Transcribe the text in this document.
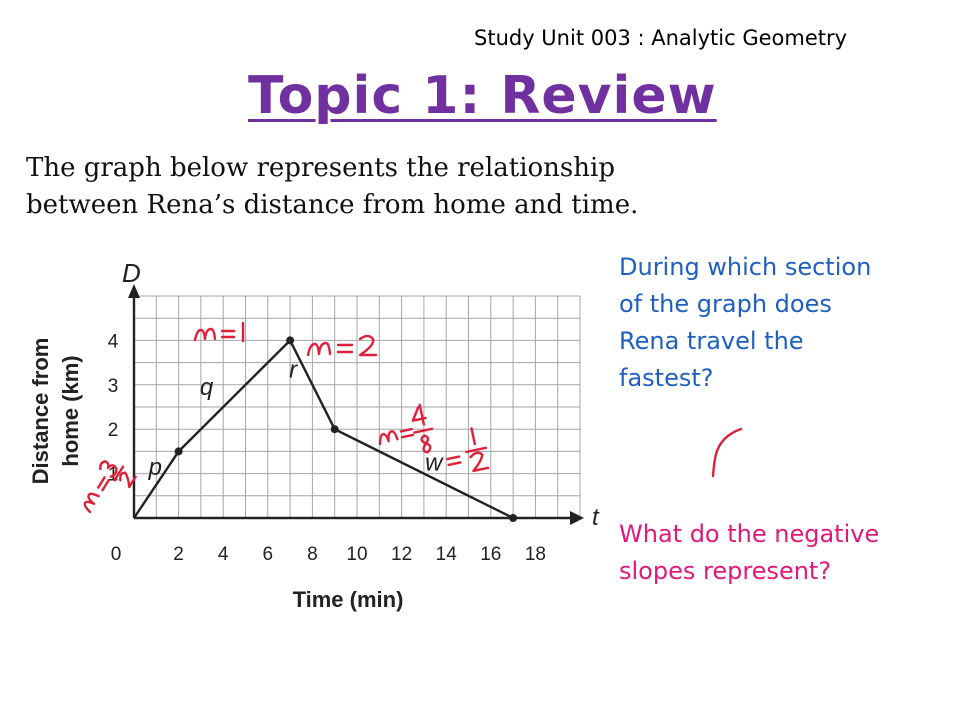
Study Unit 003 : Analytic Geometry
Topic 1: Review
The graph below represents the relationship
between Rena’s distance from home and time.
During which section
of the graph does
Rena travel the
fastest?
What do the negative
slopes represent?
0	2 4 6 8 10 12 14 16 18
1
2
3
4
D
t
Time (min)
Distance from home (km)
p
q
r
w
